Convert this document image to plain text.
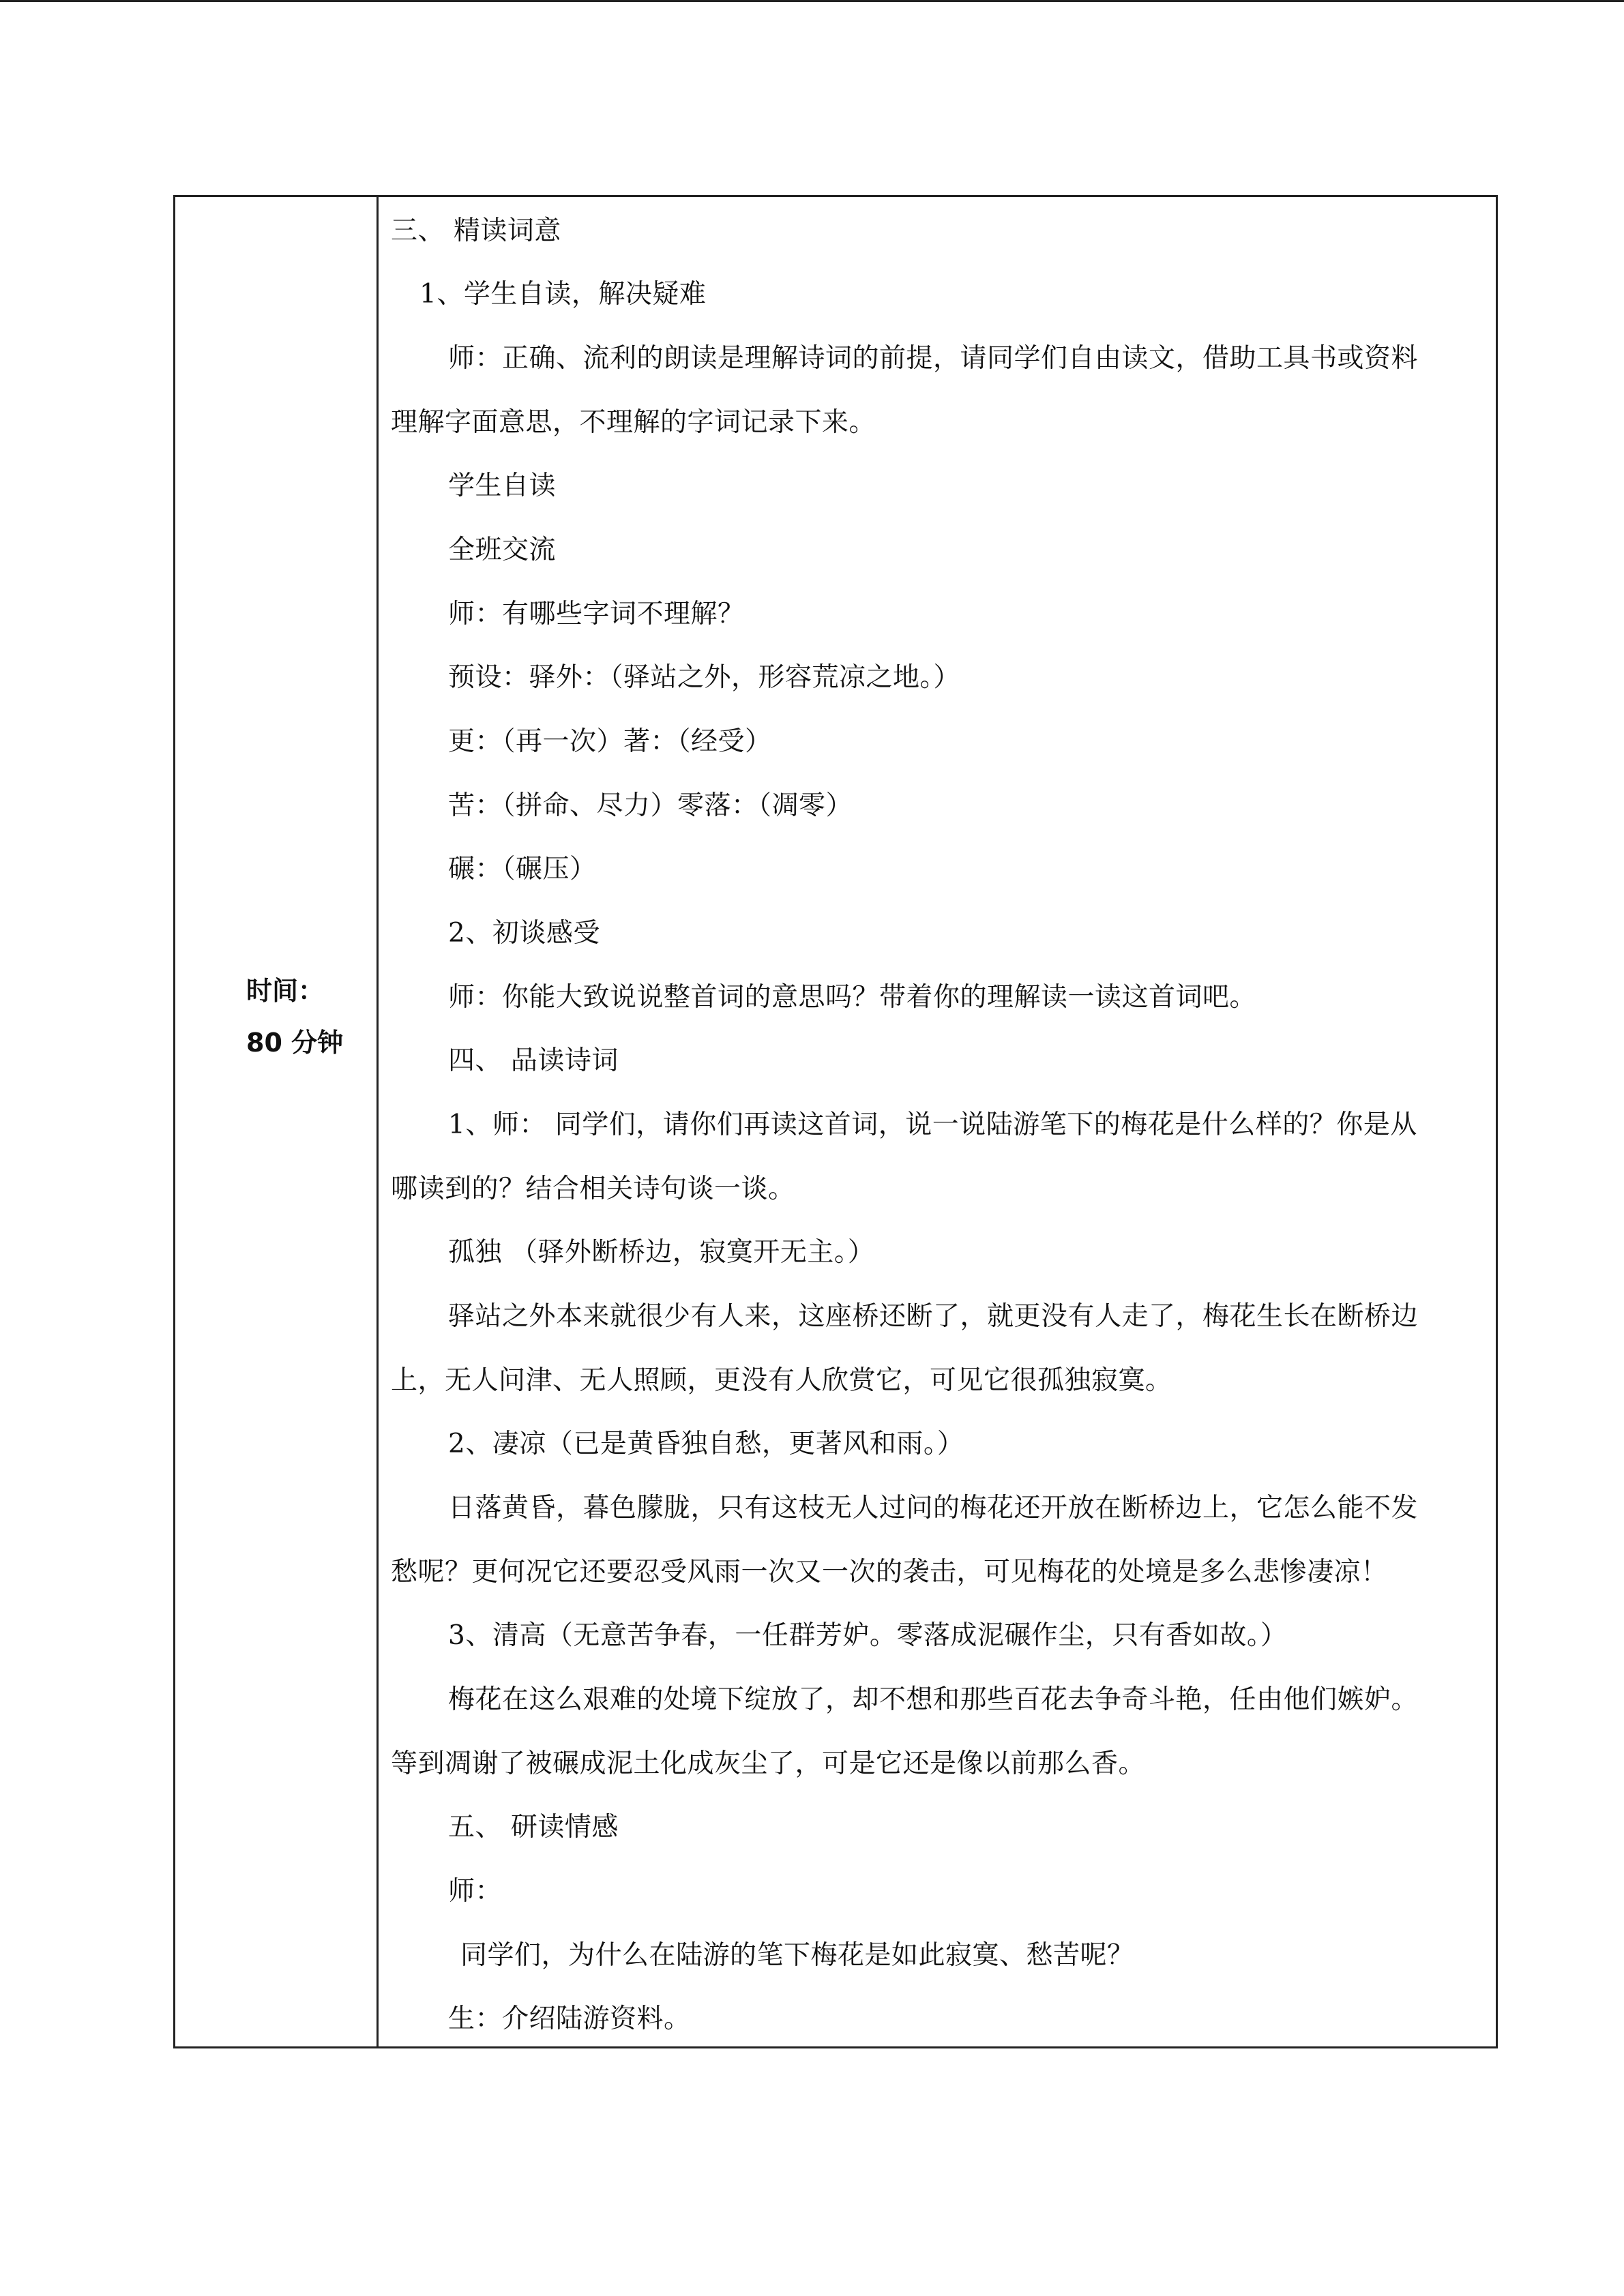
时间：
80 分钟
三、 精读词意
1、学生自读，解决疑难
师：正确、流利的朗读是理解诗词的前提，请同学们自由读文，借助工具书或资料
理解字面意思，不理解的字词记录下来。
学生自读
全班交流
师：有哪些字词不理解？
预设：驿外：（驿站之外，形容荒凉之地。）
更：（再一次）著：（经受）
苦：（拼命、尽力）零落：（凋零）
碾：（碾压）
2、初谈感受
师：你能大致说说整首词的意思吗？带着你的理解读一读这首词吧。
四、 品读诗词
1、师： 同学们，请你们再读这首词，说一说陆游笔下的梅花是什么样的？你是从
哪读到的？结合相关诗句谈一谈。
孤独 （驿外断桥边，寂寞开无主。）
驿站之外本来就很少有人来，这座桥还断了，就更没有人走了，梅花生长在断桥边
上，无人问津、无人照顾，更没有人欣赏它，可见它很孤独寂寞。
2、凄凉（已是黄昏独自愁，更著风和雨。）
日落黄昏，暮色朦胧，只有这枝无人过问的梅花还开放在断桥边上，它怎么能不发
愁呢？更何况它还要忍受风雨一次又一次的袭击，可见梅花的处境是多么悲惨凄凉！
3、清高（无意苦争春，一任群芳妒。零落成泥碾作尘，只有香如故。）
梅花在这么艰难的处境下绽放了，却不想和那些百花去争奇斗艳，任由他们嫉妒。
等到凋谢了被碾成泥土化成灰尘了，可是它还是像以前那么香。
五、 研读情感
师：
同学们，为什么在陆游的笔下梅花是如此寂寞、愁苦呢？
生：介绍陆游资料。
